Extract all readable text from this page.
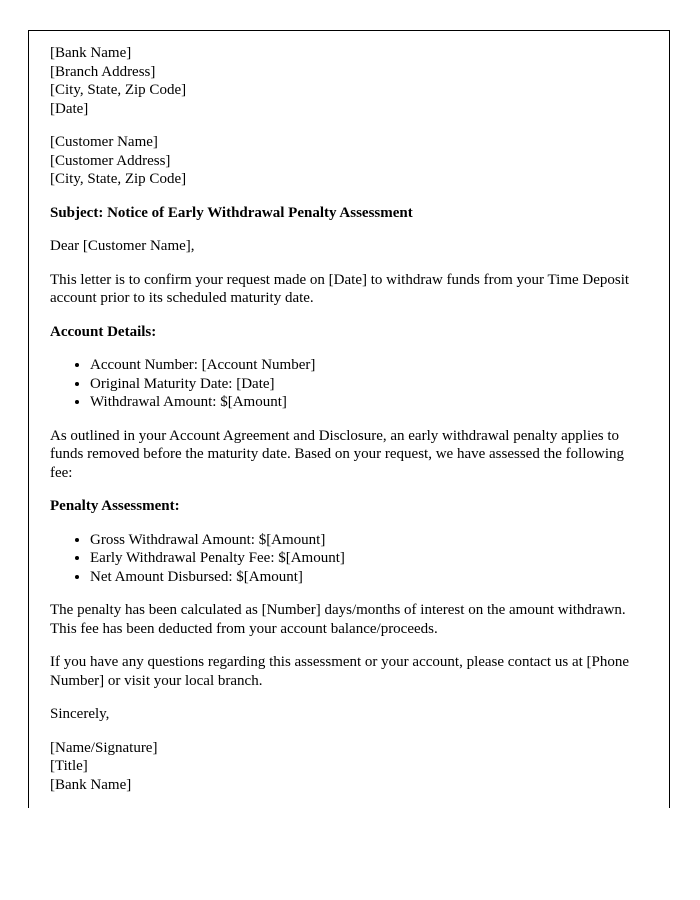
[Bank Name]
[Branch Address]
[City, State, Zip Code]
[Date]
[Customer Name]
[Customer Address]
[City, State, Zip Code]
Subject: Notice of Early Withdrawal Penalty Assessment
Dear [Customer Name],
This letter is to confirm your request made on [Date] to withdraw funds from your Time Deposit account prior to its scheduled maturity date.
Account Details:
• Account Number: [Account Number]
• Original Maturity Date: [Date]
• Withdrawal Amount: $[Amount]
As outlined in your Account Agreement and Disclosure, an early withdrawal penalty applies to funds removed before the maturity date. Based on your request, we have assessed the following fee:
Penalty Assessment:
• Gross Withdrawal Amount: $[Amount]
• Early Withdrawal Penalty Fee: $[Amount]
• Net Amount Disbursed: $[Amount]
The penalty has been calculated as [Number] days/months of interest on the amount withdrawn. This fee has been deducted from your account balance/proceeds.
If you have any questions regarding this assessment or your account, please contact us at [Phone Number] or visit your local branch.
Sincerely,
[Name/Signature]
[Title]
[Bank Name]
